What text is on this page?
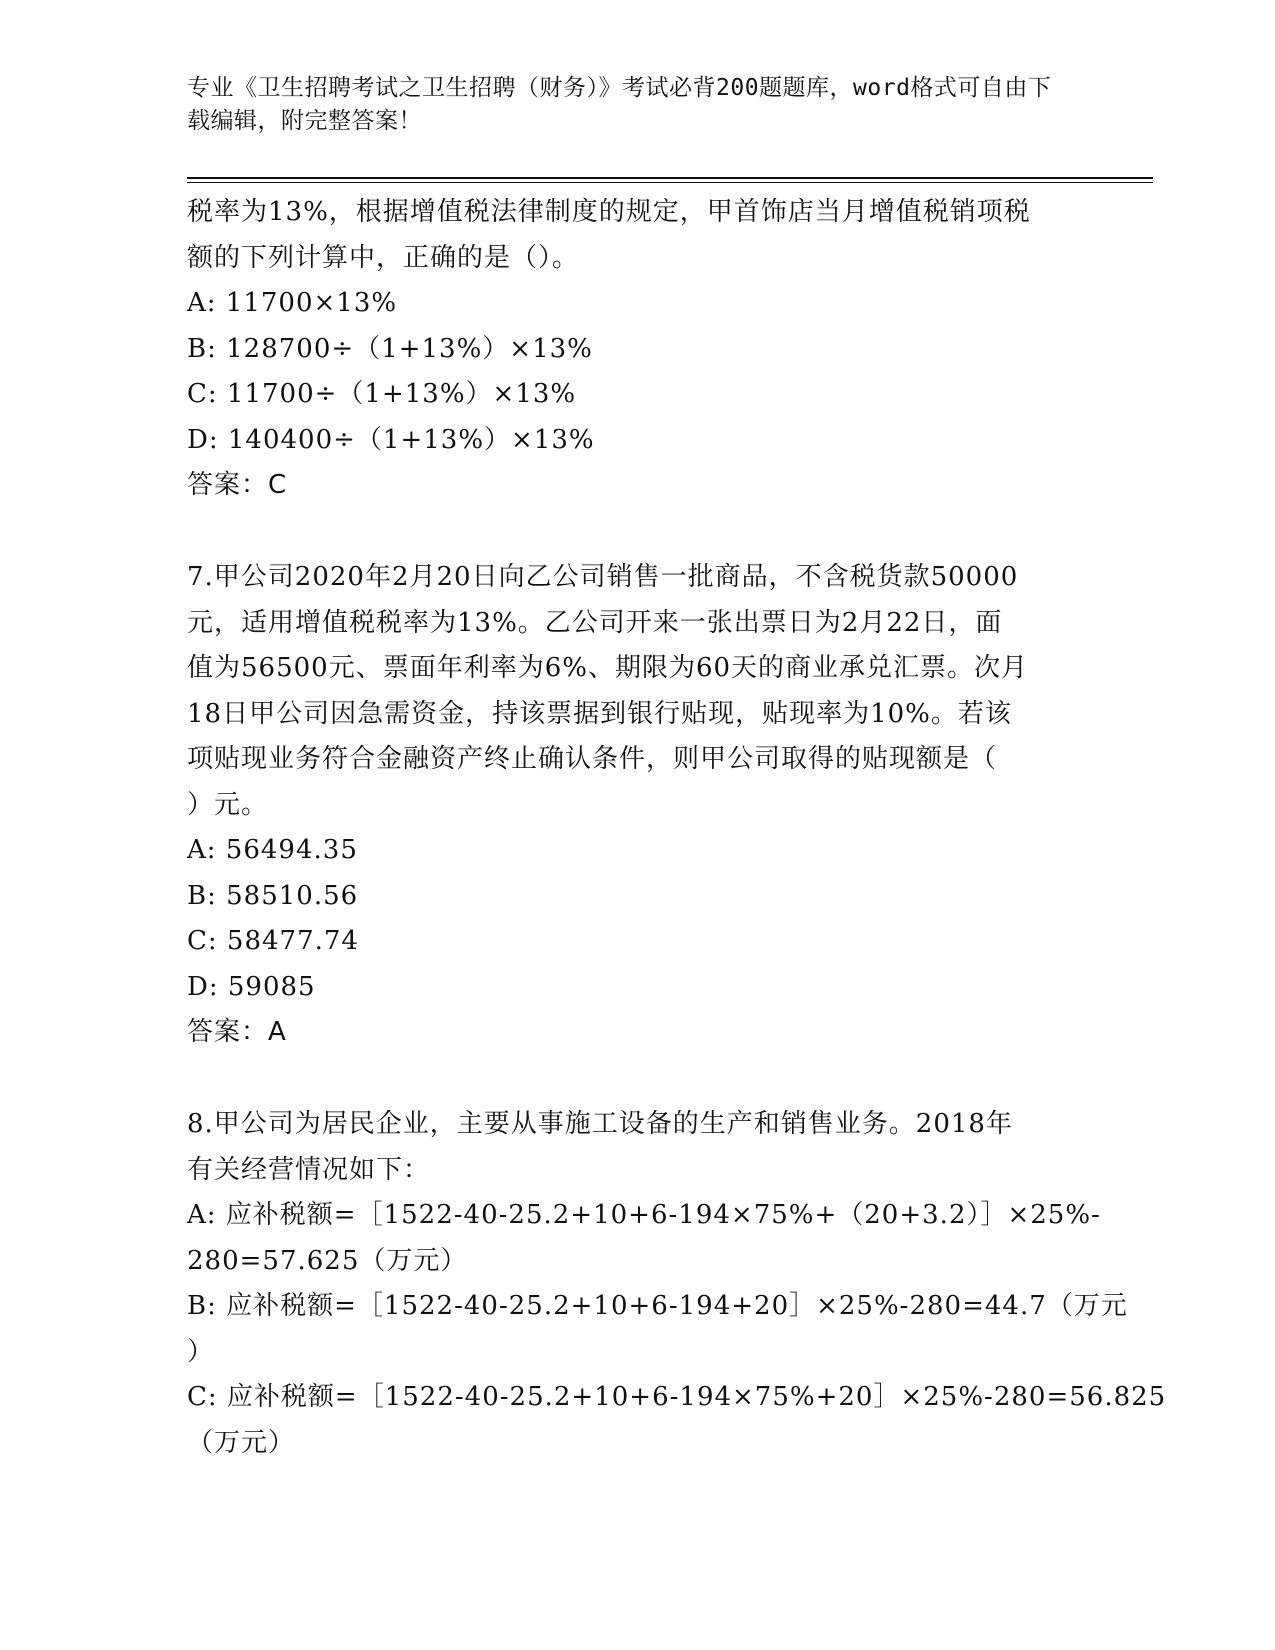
专业《卫生招聘考试之卫生招聘（财务）》考试必背200题题库，word格式可自由下载编辑，附完整答案！
税率为13%，根据增值税法律制度的规定，甲首饰店当月增值税销项税
额的下列计算中，正确的是（）。
A: 11700×13%
B: 128700÷（1+13%）×13%
C: 11700÷（1+13%）×13%
D: 140400÷（1+13%）×13%
答案：C
7.甲公司2020年2月20日向乙公司销售一批商品，不含税货款50000
元，适用增值税税率为13%。乙公司开来一张出票日为2月22日，面
值为56500元、票面年利率为6%、期限为60天的商业承兑汇票。次月
18日甲公司因急需资金，持该票据到银行贴现，贴现率为10%。若该
项贴现业务符合金融资产终止确认条件，则甲公司取得的贴现额是（
）元。
A: 56494.35
B: 58510.56
C: 58477.74
D: 59085
答案：A
8.甲公司为居民企业，主要从事施工设备的生产和销售业务。2018年
有关经营情况如下：
A: 应补税额=［1522-40-25.2+10+6-194×75%+（20+3.2）］×25%-
280=57.625（万元）
B: 应补税额=［1522-40-25.2+10+6-194+20］×25%-280=44.7（万元
）
C: 应补税额=［1522-40-25.2+10+6-194×75%+20］×25%-280=56.825
（万元）
